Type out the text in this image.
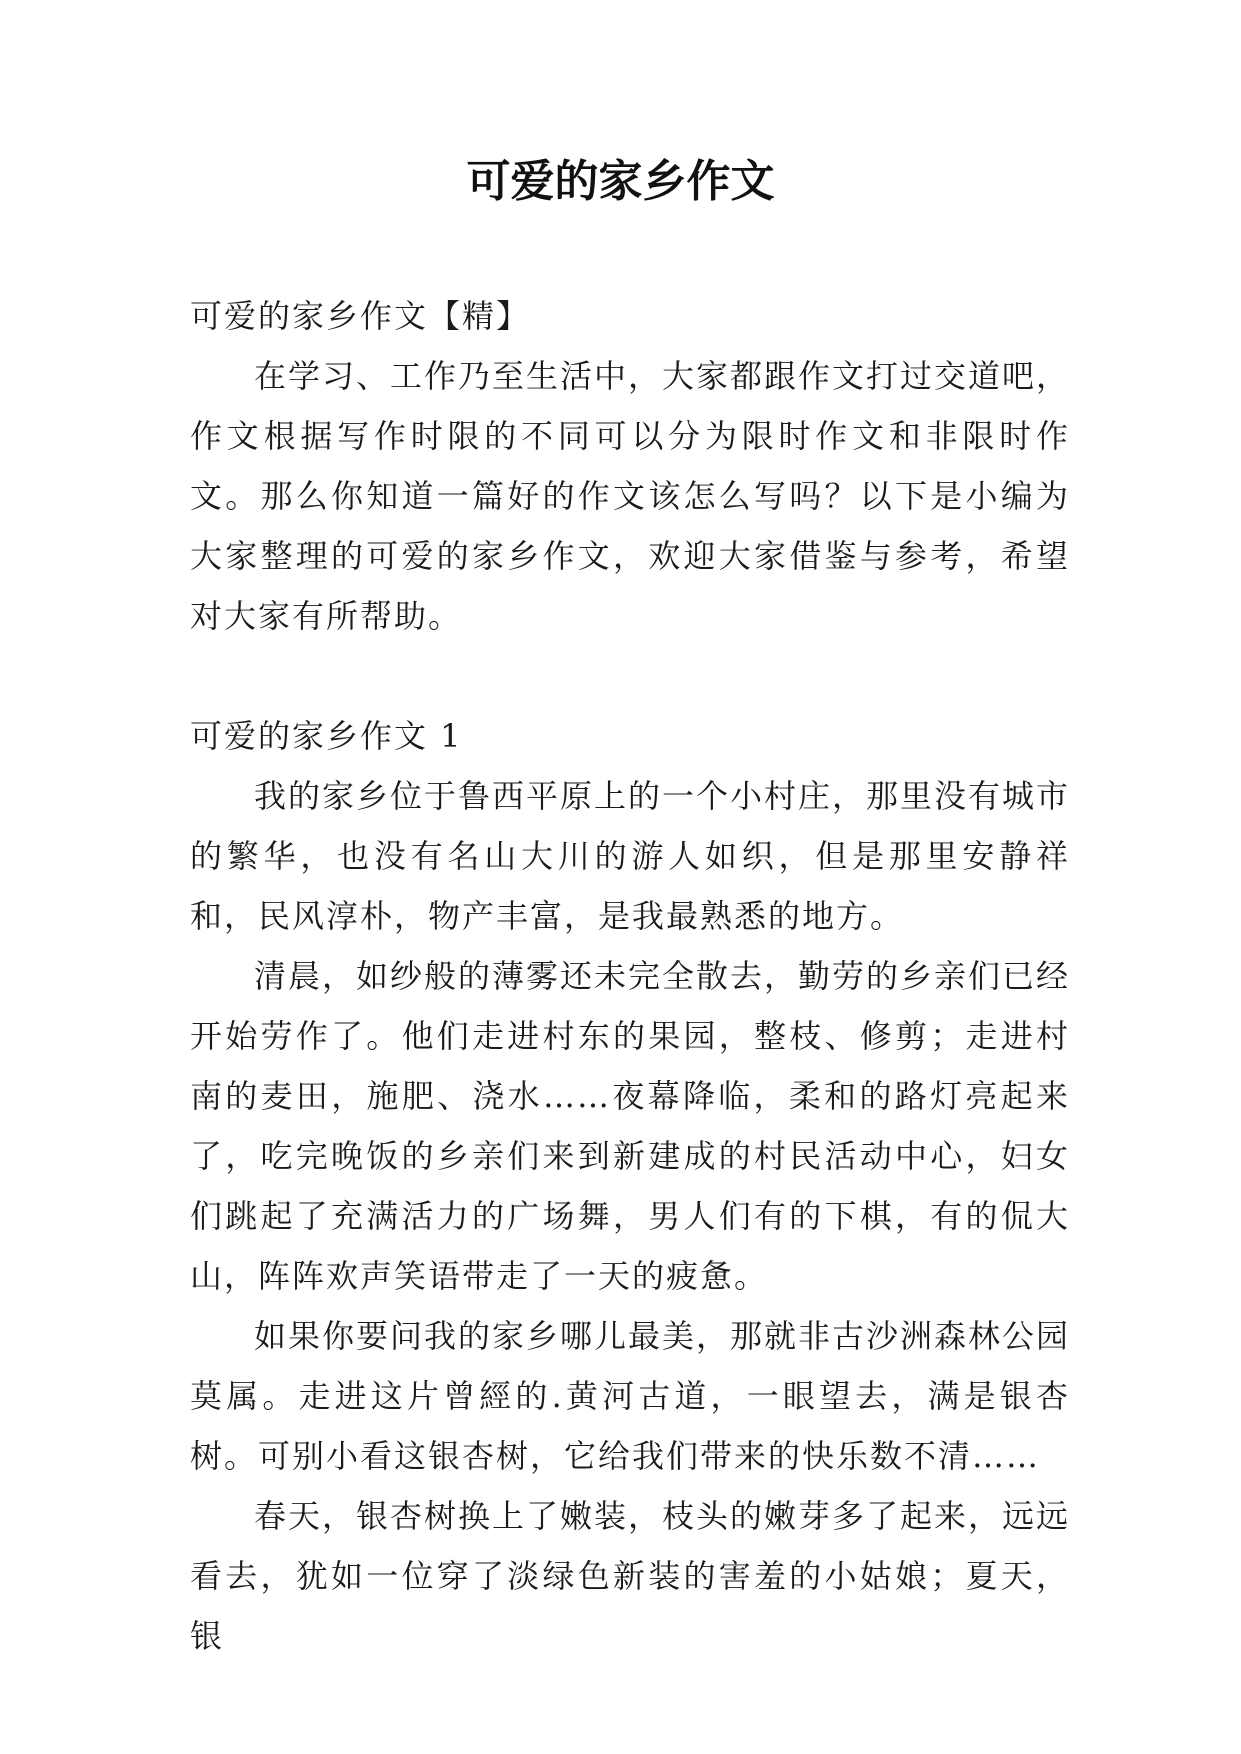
可爱的家乡作文

可爱的家乡作文【精】

在学习、工作乃至生活中，大家都跟作文打过交道吧，作文根据写作时限的不同可以分为限时作文和非限时作文。那么你知道一篇好的作文该怎么写吗？以下是小编为大家整理的可爱的家乡作文，欢迎大家借鉴与参考，希望对大家有所帮助。

可爱的家乡作文 1

我的家乡位于鲁西平原上的一个小村庄，那里没有城市的繁华，也没有名山大川的游人如织，但是那里安静祥和，民风淳朴，物产丰富，是我最熟悉的地方。

清晨，如纱般的薄雾还未完全散去，勤劳的乡亲们已经开始劳作了。他们走进村东的果园，整枝、修剪；走进村南的麦田，施肥、浇水……夜幕降临，柔和的路灯亮起来了，吃完晚饭的乡亲们来到新建成的村民活动中心，妇女们跳起了充满活力的广场舞，男人们有的下棋，有的侃大山，阵阵欢声笑语带走了一天的疲惫。

如果你要问我的家乡哪儿最美，那就非古沙洲森林公园莫属。走进这片曾經的.黄河古道，一眼望去，满是银杏树。可别小看这银杏树，它给我们带来的快乐数不清……

春天，银杏树换上了嫩装，枝头的嫩芽多了起来，远远看去，犹如一位穿了淡绿色新装的害羞的小姑娘；夏天，银
